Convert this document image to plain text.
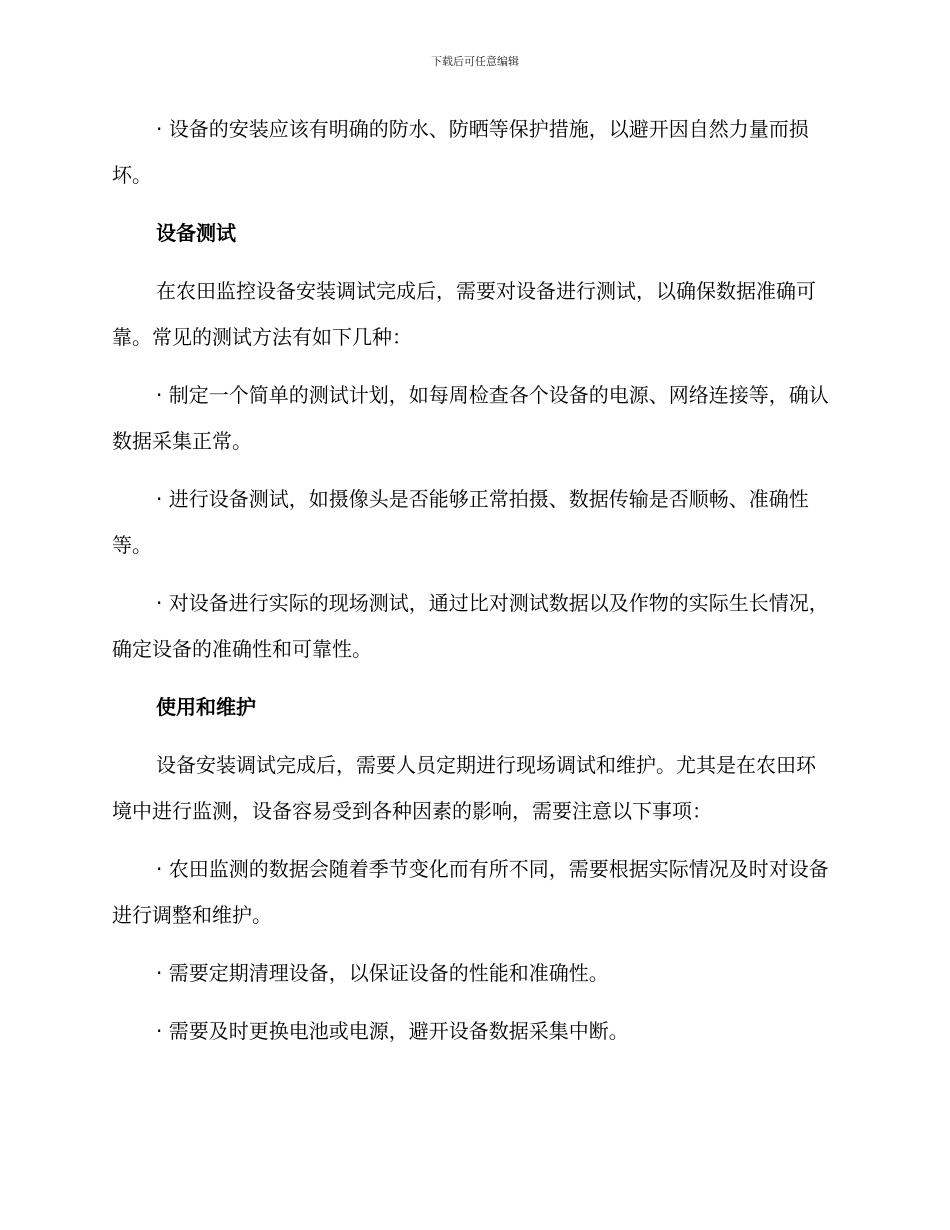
下载后可任意编辑

· 设备的安装应该有明确的防水、防晒等保护措施，以避开因自然力量而损坏。

设备测试

在农田监控设备安装调试完成后，需要对设备进行测试，以确保数据准确可靠。常见的测试方法有如下几种：

· 制定一个简单的测试计划，如每周检查各个设备的电源、网络连接等，确认数据采集正常。

· 进行设备测试，如摄像头是否能够正常拍摄、数据传输是否顺畅、准确性等。

· 对设备进行实际的现场测试，通过比对测试数据以及作物的实际生长情况，确定设备的准确性和可靠性。

使用和维护

设备安装调试完成后，需要人员定期进行现场调试和维护。尤其是在农田环境中进行监测，设备容易受到各种因素的影响，需要注意以下事项：

· 农田监测的数据会随着季节变化而有所不同，需要根据实际情况及时对设备进行调整和维护。

· 需要定期清理设备，以保证设备的性能和准确性。

· 需要及时更换电池或电源，避开设备数据采集中断。
